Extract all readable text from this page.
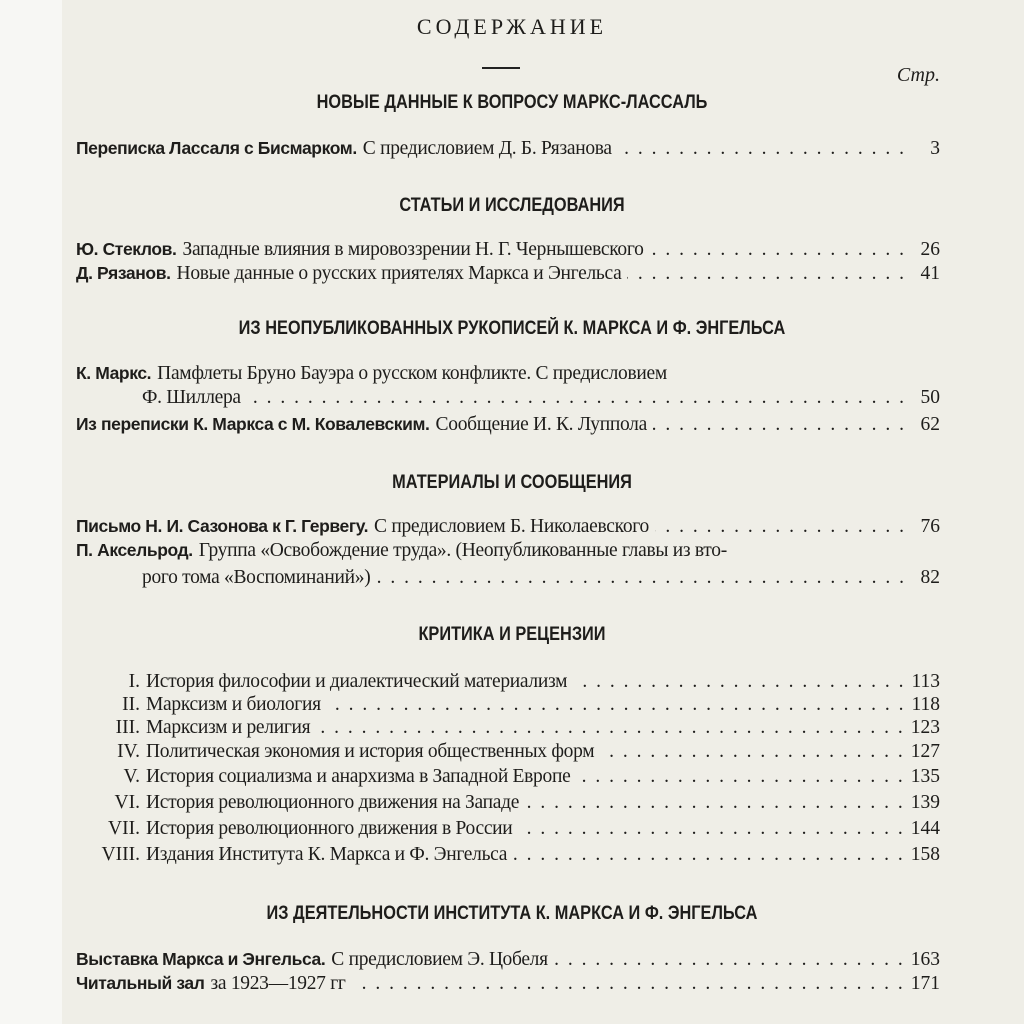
СОДЕРЖАНИЕ
Стр.
НОВЫЕ ДАННЫЕ К ВОПРОСУ МАРКС-ЛАССАЛЬ
Переписка Лассаля с Бисмарком. С предисловием Д. Б. Рязанова . . .	3
СТАТЬИ И ИССЛЕДОВАНИЯ
Ю. Стеклов. Западные влияния в мировоззрении Н. Г. Чернышевского . . .	26
Д. Рязанов. Новые данные о русских приятелях Маркса и Энгельса . . .	41
ИЗ НЕОПУБЛИКОВАННЫХ РУКОПИСЕЙ К. МАРКСА И Ф. ЭНГЕЛЬСА
К. Маркс. Памфлеты Бруно Бауэра о русском конфликте. С предисловием
Ф. Шиллера . . .	50
Из переписки К. Маркса с М. Ковалевским. Сообщение И. К. Луппола . . .	62
МАТЕРИАЛЫ И СООБЩЕНИЯ
Письмо Н. И. Сазонова к Г. Гервегу. С предисловием Б. Николаевского . . .	76
П. Аксельрод. Группа «Освобождение труда». (Неопубликованные главы из вто-
рого тома «Воспоминаний») . . .	82
КРИТИКА И РЕЦЕНЗИИ
I. История философии и диалектический материализм . . .	113
II. Марксизм и биология . . .	118
III. Марксизм и религия . . .	123
IV. Политическая экономия и история общественных форм . . .	127
V. История социализма и анархизма в Западной Европе . . .	135
VI. История революционного движения на Западе . . .	139
VII. История революционного движения в России . . .	144
VIII. Издания Института К. Маркса и Ф. Энгельса . . .	158
ИЗ ДЕЯТЕЛЬНОСТИ ИНСТИТУТА К. МАРКСА И Ф. ЭНГЕЛЬСА
Выставка Маркса и Энгельса. С предисловием Э. Цобеля . . .	163
Читальный зал за 1923—1927 гг . . .	171
